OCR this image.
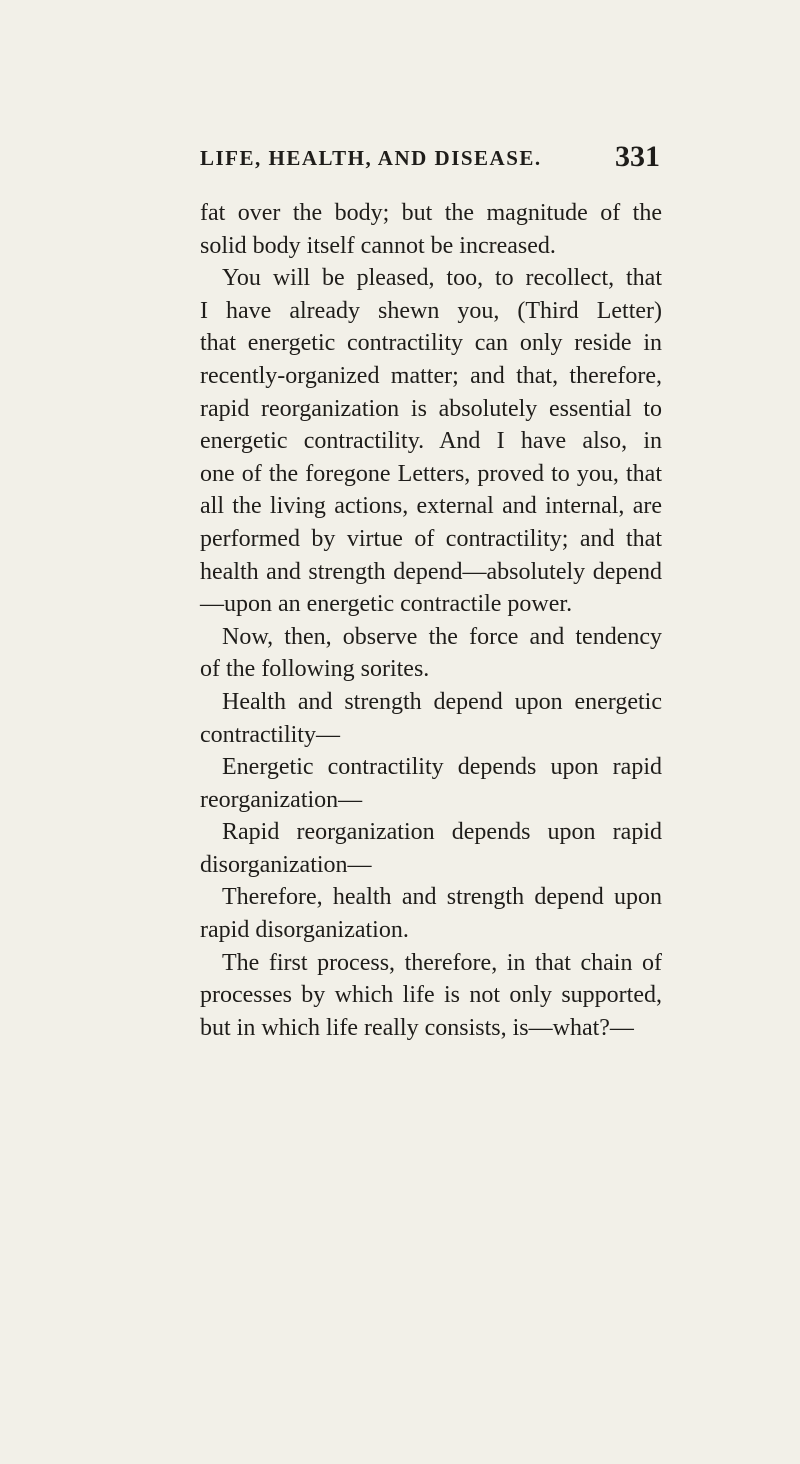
LIFE, HEALTH, AND DISEASE. 331
fat over the body; but the magnitude of the
solid body itself cannot be increased.
You will be pleased, too, to recollect, that
I have already shewn you, (Third Letter)
that energetic contractility can only reside in
recently-organized matter; and that, therefore,
rapid reorganization is absolutely essential to
energetic contractility. And I have also, in
one of the foregone Letters, proved to you, that
all the living actions, external and internal, are
performed by virtue of contractility; and that
health and strength depend—absolutely depend
—upon an energetic contractile power.
Now, then, observe the force and tendency
of the following sorites.
Health and strength depend upon energetic
contractility—
Energetic contractility depends upon rapid
reorganization—
Rapid reorganization depends upon rapid
disorganization—
Therefore, health and strength depend upon
rapid disorganization.
The first process, therefore, in that chain of
processes by which life is not only supported,
but in which life really consists, is—what?—
